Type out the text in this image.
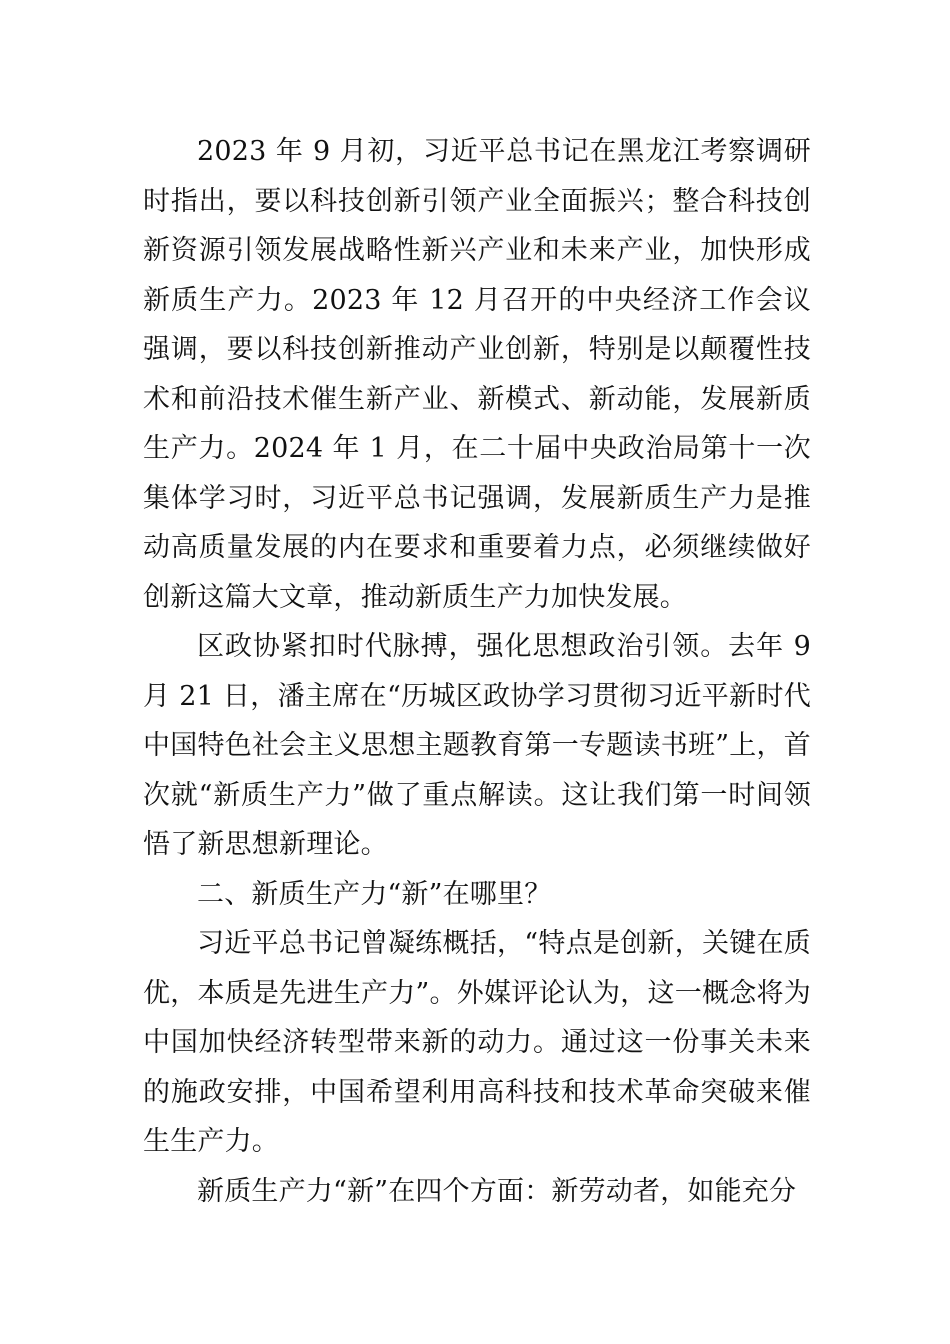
2023 年 9 月初，习近平总书记在黑龙江考察调研时指出，要以科技创新引领产业全面振兴；整合科技创新资源引领发展战略性新兴产业和未来产业，加快形成新质生产力。2023 年 12 月召开的中央经济工作会议强调，要以科技创新推动产业创新，特别是以颠覆性技术和前沿技术催生新产业、新模式、新动能，发展新质生产力。2024 年 1 月，在二十届中央政治局第十一次集体学习时，习近平总书记强调，发展新质生产力是推动高质量发展的内在要求和重要着力点，必须继续做好创新这篇大文章，推动新质生产力加快发展。

区政协紧扣时代脉搏，强化思想政治引领。去年 9 月 21 日，潘主席在“历城区政协学习贯彻习近平新时代中国特色社会主义思想主题教育第一专题读书班”上，首次就“新质生产力”做了重点解读。这让我们第一时间领悟了新思想新理论。

二、新质生产力“新”在哪里？

习近平总书记曾凝练概括，“特点是创新，关键在质优，本质是先进生产力”。外媒评论认为，这一概念将为中国加快经济转型带来新的动力。通过这一份事关未来的施政安排，中国希望利用高科技和技术革命突破来催生生产力。

新质生产力“新”在四个方面：新劳动者，如能充分
